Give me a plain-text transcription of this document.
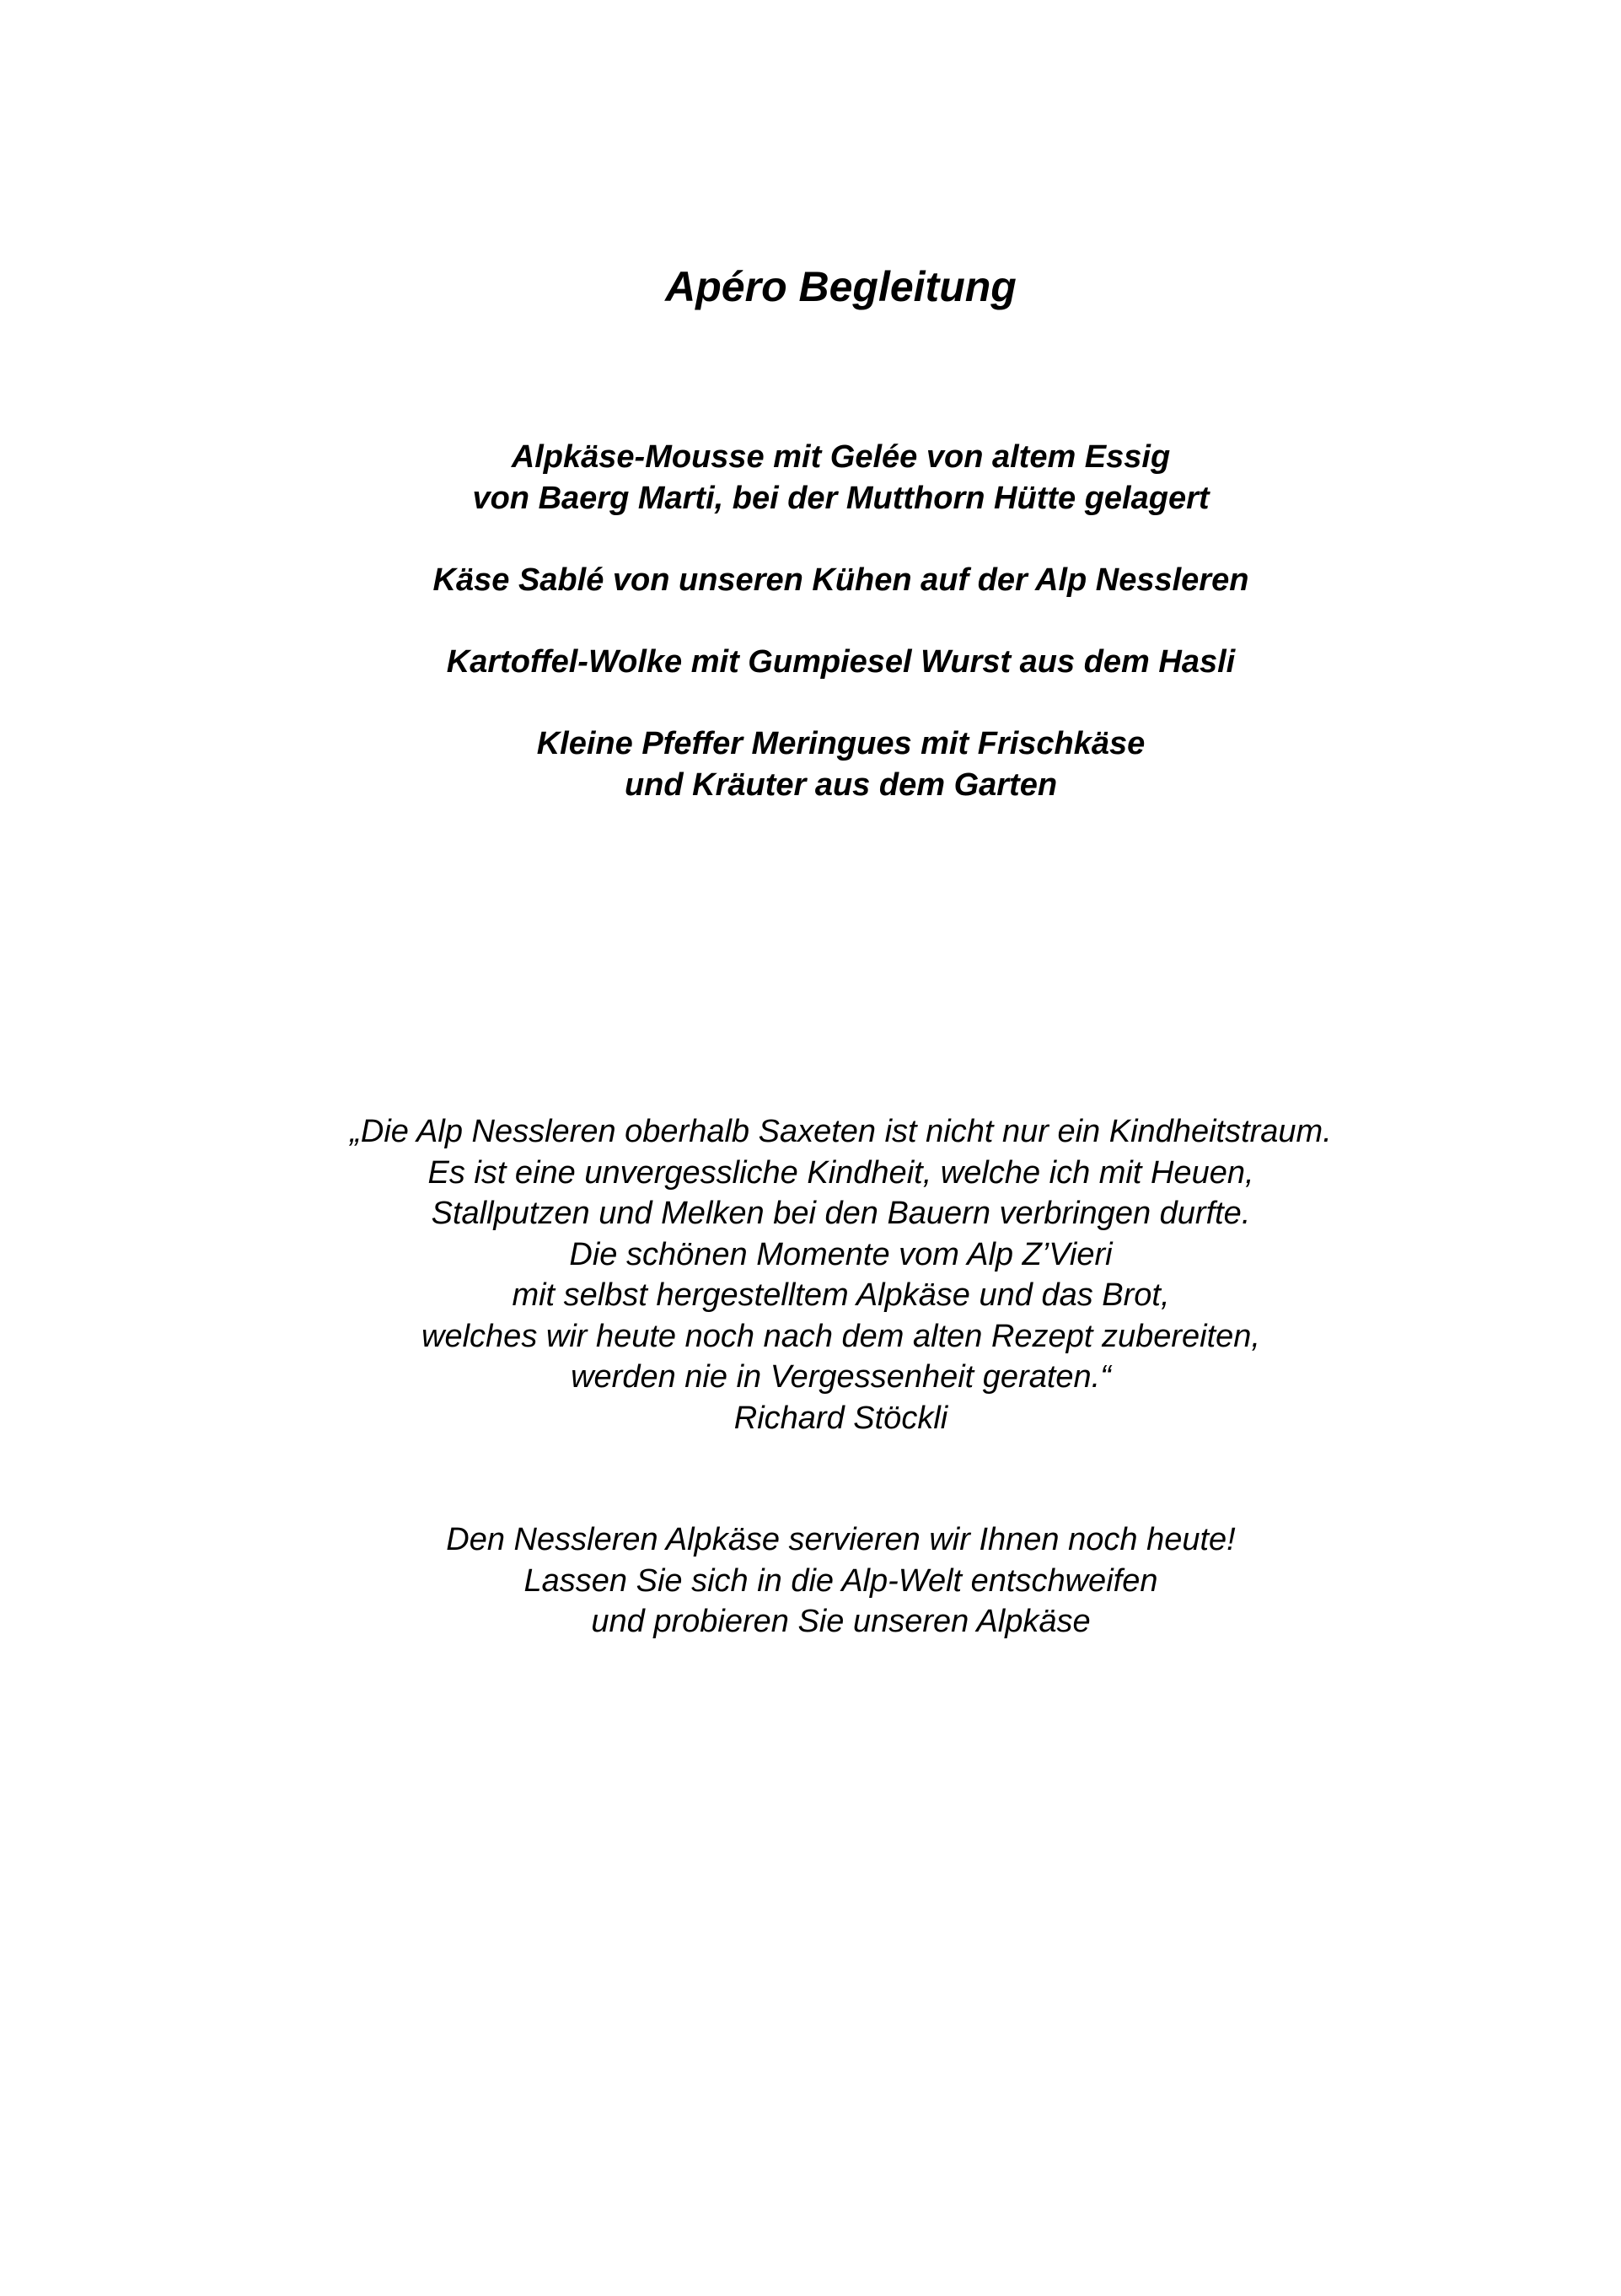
Apéro Begleitung
Alpkäse-Mousse mit Gelée von altem Essig
von Baerg Marti, bei der Mutthorn Hütte gelagert
Käse Sablé von unseren Kühen auf der Alp Nessleren
Kartoffel-Wolke mit Gumpiesel Wurst aus dem Hasli
Kleine Pfeffer Meringues mit Frischkäse
und Kräuter aus dem Garten
„Die Alp Nessleren oberhalb Saxeten ist nicht nur ein Kindheitstraum.
Es ist eine unvergessliche Kindheit, welche ich mit Heuen,
Stallputzen und Melken bei den Bauern verbringen durfte.
Die schönen Momente vom Alp Z’Vieri
mit selbst hergestelltem Alpkäse und das Brot,
welches wir heute noch nach dem alten Rezept zubereiten,
werden nie in Vergessenheit geraten.“
Richard Stöckli
Den Nessleren Alpkäse servieren wir Ihnen noch heute!
Lassen Sie sich in die Alp-Welt entschweifen
und probieren Sie unseren Alpkäse
